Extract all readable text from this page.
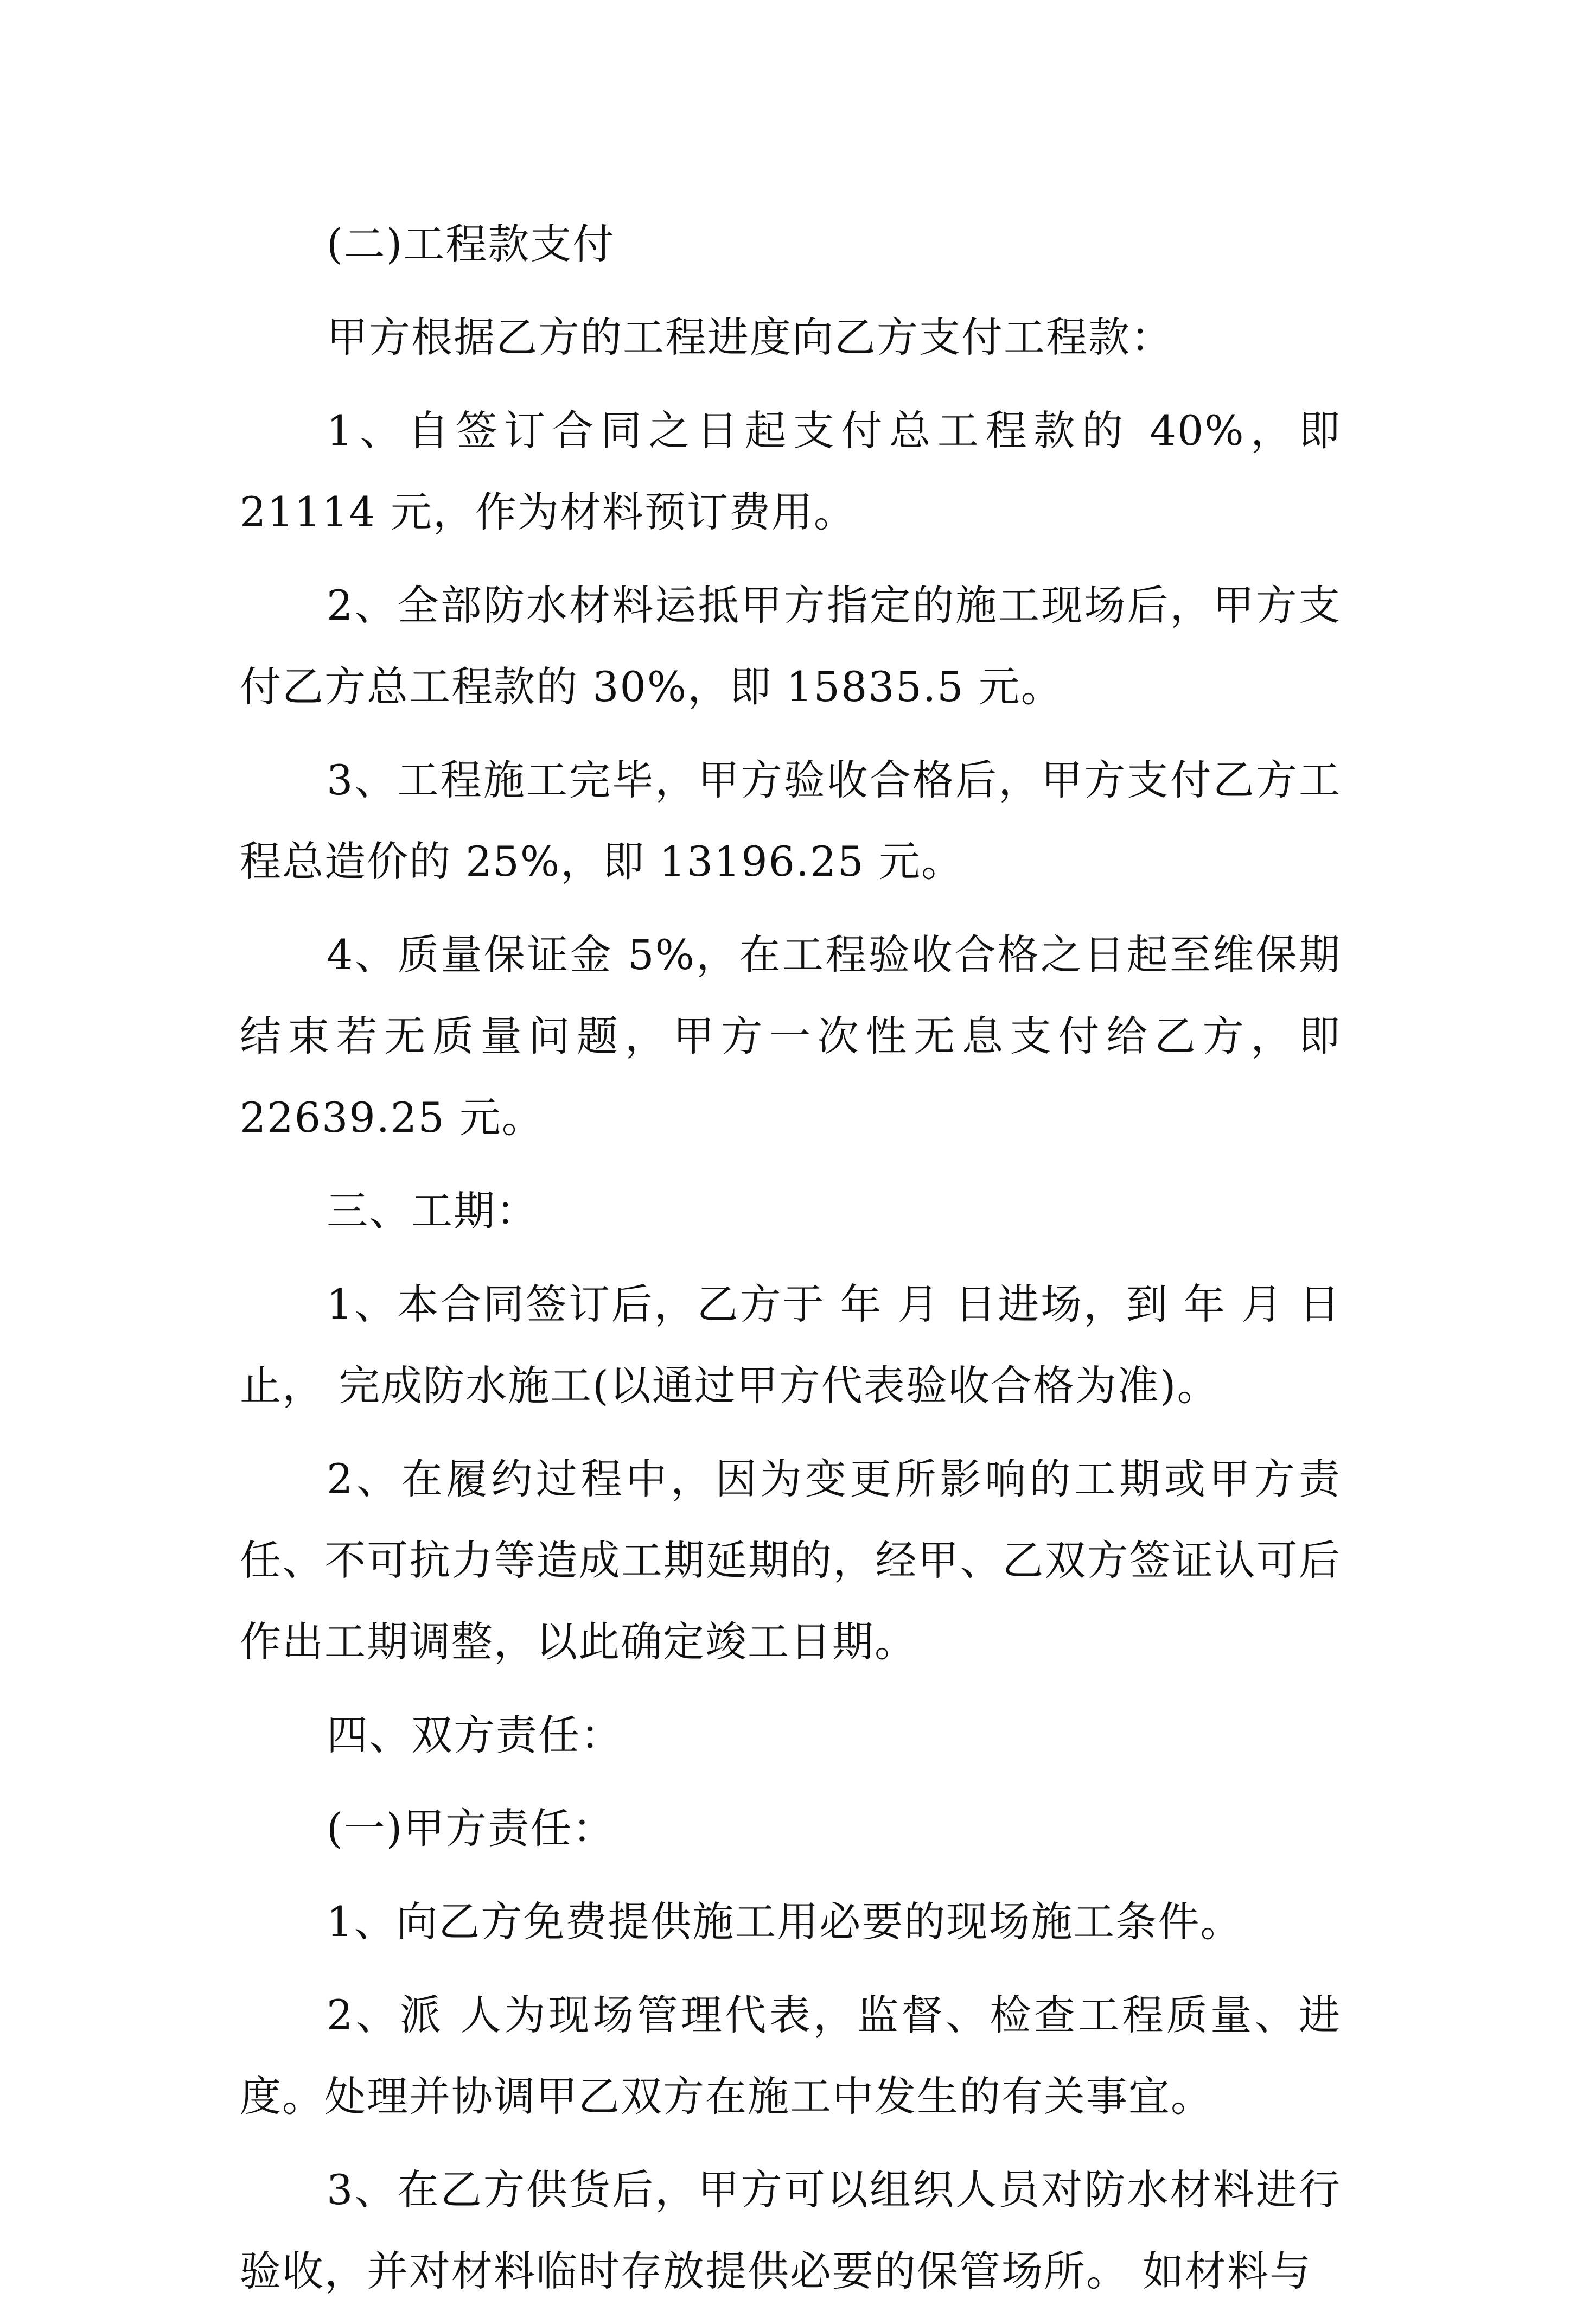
(二)工程款支付

甲方根据乙方的工程进度向乙方支付工程款：

1、自签订合同之日起支付总工程款的 40%，即 21114 元，作为材料预订费用。

2、全部防水材料运抵甲方指定的施工现场后，甲方支付乙方总工程款的 30%，即 15835.5 元。

3、工程施工完毕，甲方验收合格后，甲方支付乙方工程总造价的 25%，即 13196.25 元。

4、质量保证金 5%，在工程验收合格之日起至维保期结束若无质量问题，甲方一次性无息支付给乙方，即 22639.25 元。

三、工期：

1、本合同签订后，乙方于 年 月 日进场，到 年 月 日止， 完成防水施工(以通过甲方代表验收合格为准)。

2、在履约过程中，因为变更所影响的工期或甲方责任、不可抗力等造成工期延期的，经甲、乙双方签证认可后作出工期调整，以此确定竣工日期。

四、双方责任：

(一)甲方责任：

1、向乙方免费提供施工用必要的现场施工条件。

2、派 人为现场管理代表，监督、检查工程质量、进度。处理并协调甲乙双方在施工中发生的有关事宜。

3、在乙方供货后，甲方可以组织人员对防水材料进行验收，并对材料临时存放提供必要的保管场所。 如材料与
